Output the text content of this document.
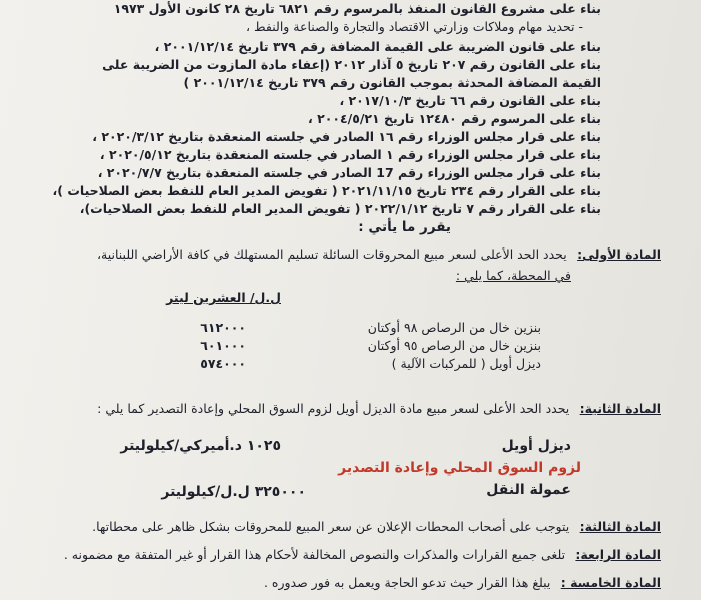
بناء على مشروع القانون المنفذ بالمرسوم رقم ٦٨٢١ تاريخ ٢٨ كانون الأول ١٩٧٣
- تحديد مهام وملاكات وزارتي الاقتصاد والتجارة والصناعة والنفط ،
بناء على قانون الضريبة على القيمة المضافة رقم ٣٧٩ تاريخ ٢٠٠١/١٢/١٤ ،
بناء على القانون رقم ٢٠٧ تاريخ ٥ آذار ٢٠١٢ (إعفاء مادة المازوت من الضريبة على
القيمة المضافة المحدثة بموجب القانون رقم ٣٧٩ تاريخ ٢٠٠١/١٢/١٤ )
بناء على القانون رقم ٦٦ تاريخ ٢٠١٧/١٠/٣ ،
بناء على المرسوم رقم ١٢٤٨٠ تاريخ ٢٠٠٤/٥/٢١ ،
بناء على قرار مجلس الوزراء رقم ١٦ الصادر في جلسته المنعقدة بتاريخ ٢٠٢٠/٣/١٢ ،
بناء على قرار مجلس الوزراء رقم ١ الصادر في جلسته المنعقدة بتاريخ ٢٠٢٠/٥/١٢ ،
بناء على قرار مجلس الوزراء رقم 17 الصادر في جلسته المنعقدة بتاريخ ٢٠٢٠/٧/٧ ،
بناء على القرار رقم ٢٣٤ تاريخ ٢٠٢١/١١/١٥ ( تفويض المدير العام للنفط بعض الصلاحيات )،
بناء على القرار رقم ٧ تاريخ ٢٠٢٢/١/١٢ ( تفويض المدير العام للنفط بعض الصلاحيات)،
يقرر ما يأتي :
المادة الأولى: يحدد الحد الأعلى لسعر مبيع المحروقات السائلة تسليم المستهلك في كافة الأراضي اللبنانية،
في المحطة، كما يلي :
ل.ل/ العشرين ليتر
بنزين خال من الرصاص ٩٨ أوكتان
٦١٢٠٠٠
بنزين خال من الرصاص ٩٥ أوكتان
٦٠١٠٠٠
ديزل أويل ( للمركبات الآلية )
٥٧٤٠٠٠
المادة الثانية: يحدد الحد الأعلى لسعر مبيع مادة الديزل أويل لزوم السوق المحلي وإعادة التصدير كما يلي :
ديزل أويل
١٠٢٥ د.أميركي/كيلوليتر
لزوم السوق المحلي وإعادة التصدير
عمولة النقل
٣٢٥٠٠٠ ل.ل/كيلوليتر
المادة الثالثة: يتوجب على أصحاب المحطات الإعلان عن سعر المبيع للمحروقات بشكل ظاهر على محطاتها.
المادة الرابعة: تلغى جميع القرارات والمذكرات والنصوص المخالفة لأحكام هذا القرار أو غير المتفقة مع مضمونه .
المادة الخامسة : يبلغ هذا القرار حيث تدعو الحاجة ويعمل به فور صدوره .
